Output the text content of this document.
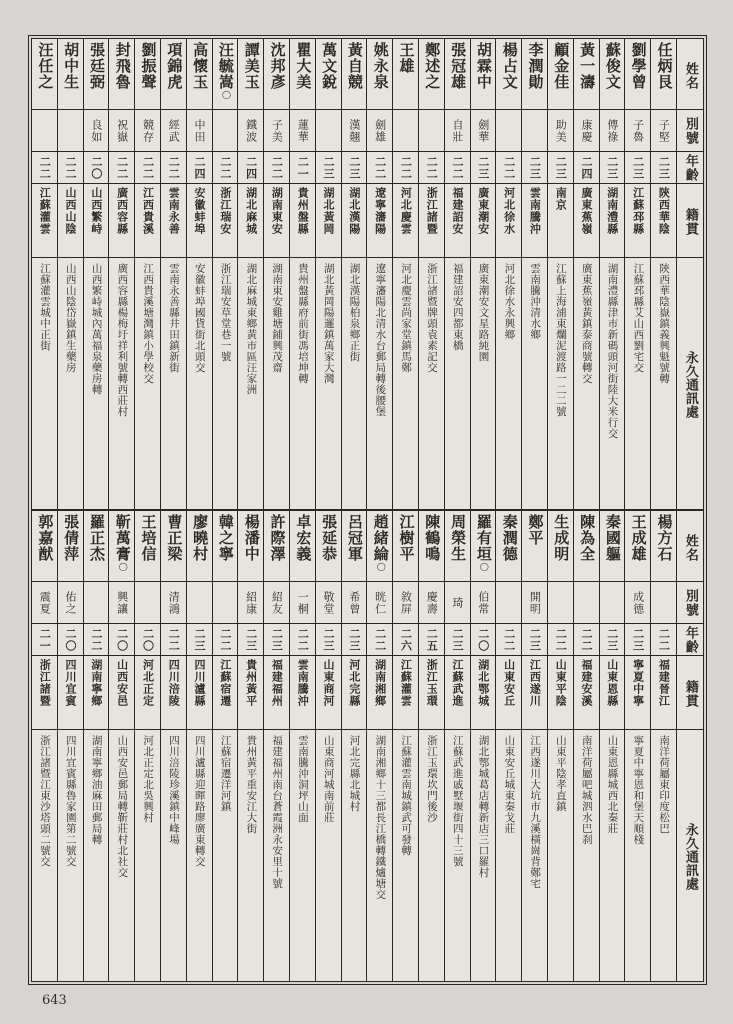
任炳艮
子堅
二三
陝西華陰
陝西華陰嶽鎮義興魁號轉
劉學曾
子魯
二三
江蘇邳縣
江蘇邳縣艾山西劉宅交
蘇俊文
傳祿
二三
湖南澧縣
湖南澧縣津市新碼頭河街陸大米行交
黃一濤
康慶
二四
廣東蕉嶺
廣東蕉嶺黃鎮泰商號轉交
顧金佳
助美
二三
南京
江蘇上海浦東爛泥渡路一二二號
李潤勛
二三
雲南騰沖
雲南騰沖清水鄉
楊占文
二二
河北徐水
河北徐水永興鄉
胡霖中
劍華
二三
廣東潮安
廣東潮安文星路純園
張冠雄
自壯
二二
福建詔安
福建詔安四都東橋
鄭述之
二二
浙江諸暨
浙江諸暨牌頭袁素記交
王雄
二二
河北慶雲
河北慶雲尚家堂鎮馬鄭
姚永泉
劍雄
二二
遼寧瀋陽
遼寧瀋陽北清水台郵局轉後腰堡
黃自競
漢翹
二三
湖北漢陽
湖北漢陽柏泉鄉正街
萬文銳
二三
湖北黃岡
湖北黃岡陽邏鎮萬家大灣
瞿大美
蓮華
二一
貴州盤縣
貴州盤縣府前街馮培坤轉
沈邦彥
子美
二二
湖南東安
湖南東安雞塘鋪興茂齋
譚美玉
鐵波
二四
湖北麻城
湖北麻城東鄉黃市區汪家洲
汪毓嵩◯
二二
浙江瑞安
浙江瑞安草堂巷一號
高懷玉
中田
二四
安徽蚌埠
安徽蚌埠國貨街北頭交
項錦虎
經武
二二
雲南永善
雲南永善縣井田鎮新街
劉振聲
競存
二二
江西貴溪
江西貴溪塘灣鎮小學校交
封飛魯
祝嶽
二二
廣西容縣
廣西容縣楊梅圩祥利號轉西莊村
張廷弼
良如
二〇
山西繁峙
山西繁峙城內萬福泉藥房轉
胡中生
二二
山西山陰
山西山陰岱嶽鎮生藥房
汪任之
二二
江蘇灌雲
江蘇灌雲城中正街
姓名
別號
年齡
籍貫
永久通訊處
楊方石
二二
福建晉江
南洋荷屬東印度松巴
王成雄
成德
二三
寧夏中寧
寧夏中寧恩和堡天順棧
秦國軀
二三
山東恩縣
山東恩縣城西北秦莊
陳為全
二二
福建安溪
南洋荷屬吧城泗水巴刹
生成明
二二
山東平陰
山東平陰孝直鎮
鄭平
開明
二三
江西遂川
江西遂川大坑市九溪橫崗背鄭宅
秦潤德
二二
山東安丘
山東安丘城東秦戈莊
羅有垣◯
伯常
二〇
湖北鄂城
湖北鄂城葛店轉新店三口羅村
周榮生
琦
二三
江蘇武進
江蘇武進戚墅堰街四十三號
陳鶴鳴
慶壽
二五
浙江玉環
浙江玉環坎門後沙
江樹平
敘屏
二六
江蘇灌雲
江蘇灌雲南城鎮武可發轉
趙緒綸◯
晄仁
二二
湖南湘鄉
湖南湘鄉十三都長江橋轉鐵爐塘交
呂冠軍
希曾
二三
河北完縣
河北完縣北城村
張延恭
敬堂
二三
山東商河
山東商河城南前莊
卓宏義
一桐
二二
雲南騰沖
雲南騰沖洞坪山面
許際澤
紹友
二三
福建福州
福建福州南台蒼霞洲永安里十號
楊潘中
紹康
二三
貴州黃平
貴州黃平重安江大街
韓之寧
二二
江蘇宿遷
江蘇宿遷洋河鎮
廖曉村
二三
四川瀘縣
四川瀘縣迎暉路廖廣東轉交
曹正梁
清鴻
二二
四川涪陵
四川涪陵珍溪鎮中峰場
王培信
二〇
河北正定
河北正定北吳興村
靳萬膏◯
興讓
二〇
山西安邑
山西安邑郵局轉靳莊村北社交
羅正杰
二二
湖南寧鄉
湖南寧鄉油麻田郵局轉
張倩萍
佑之
二〇
四川宜賓
四川宜賓縣魯家園第二號交
郭嘉猷
震夏
二一
浙江諸暨
浙江諸暨江東沙塔頭二號交
姓名
別號
年齡
籍貫
永久通訊處
643
